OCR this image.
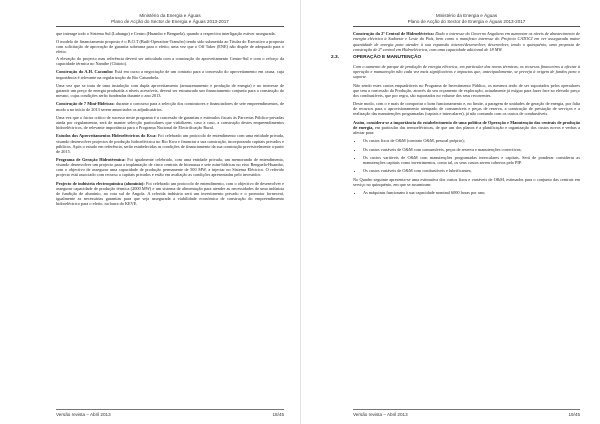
Ministério da Energia e Águas
Plano de Acção do Sector de Energia e Águas 2013-2017

que interage todo o Sistema Sul (Lubango) e Centro (Huambo e Benguela), quando a respectiva interligação estiver assegurada.

O modelo de financiamento proposto é o B.O.T (Built-Operation-Transfer) tendo sido submetida ao Titular do Executivo a proposta com solicitação de aprovação de garantia soberana para o efeito, uma vez que o Off Taker (ENE) não dispõe de adequado para o efeito.

A elevação do projecto mas referência deverá ser articulada com a construção do aproveitamento Centro-Sul e com o reforço da capacidade térmica no Namibe (Chitoto).

Construção do A.H. Cacombo: Está em curso a negociação de um contrato para a concessão do aproveitamento em causa, cuja importância é relevante na regularização do Rio Catumbela.

Uma vez que se trata de uma instalação com dupla aproveitamento (armazenamento e produção de energia) e no interesse de garantir um preço de energia produzida a níveis acessíveis, deverá ser estruturado um financiamento conjunto para a construção do mesmo, cujas condições serão fundeadas durante o ano 2013.

Construção de 7 Mini-Hídricas: durante o concurso para a selecção dos construtores e financiadores de sete empreendimentos, de modo a no início de 2013 serem anunciados os adjudicatários.

Uma vez que o factor crítico de sucesso neste programa é a concessão de garantias e estímulos fiscais às Parcerias Público-privadas ainda por regulamentar, será de manter selecção particulares que viabilizem, caso a caso, a construção destes empreendimentos hidroeléctricos, de relevante importância para o Programa Nacional de Electrificação Rural.

Estudos dos Aproveitamentos Hidroeléctricos do Kwa: Foi celebrado um protocolo de entendimento com uma entidade privada, visando desenvolver projectos de produção hidroeléctrica no Rio Kwa e financiar a sua construção, incorporando capitais privados e públicos. Após o estudo em referência, serão estabelecidas as condições de financiamento da sua construção previsivelmente a partir de 2015.

Programa de Geração Hidrotérmica: Foi igualmente celebrado, com uma entidade privada, um memorando de entendimento, visando desenvolver um projecto para a implantação de cinco centrais de biomassa e sete mini-hídricas no eixo Benguela-Huambo, com o objectivo de assegurar uma capacidade de produção permanente de 500 MW, a injectar no Sistema Eléctrico. O referido projecto está associado com recurso a capitais privados e estão em avaliação as condições apresentadas pelo investidor.

Projecto de indústria electroquímica (alumínio): Foi celebrado um protocolo de entendimento, com o objectivo de desenvolver e assegurar capacidade de produção térmica (2000 MW) e um sistema de alimentação para atender as necessidades de uma indústria de fundição de alumínio, na cota sul de Angola. A referida indústria será um investimento privado e o promotor fornecerá, igualmente as necessárias garantias para que seja assegurada a viabilidade económica de construção do empreendimento hidroeléctrico para o efeito, na barra do KEVE.

Versão revista – Abril 2013	18/45
Ministério da Energia e Águas
Plano de Acção do Sector de Energia e Águas 2013-2017

Construção da 2ª Central de Hidroeléctrica: Dado o interesse do Governo Angolano em aumentar os níveis de abastecimento de energia eléctrica à Sudoeste e Leste do País, bem como o manifesto interesse do Projecto CATOCI em ver assegurada maior quantidade de energia para atender à sua expansão interno/desenvolver, desenvolver, tendo o quinquénio, uma proposta de construção de 2ª central em Hidroeléctrica, com uma capacidade adicional de 18 MW.

2.3.	OPERAÇÃO E MANUTENÇÃO

Com o aumento de parque de produção de energia eléctrica, em particular das novas térmicas, os recursos financeiros a afectar à operação e manutenção não cada vez mais significativos e impactos que, antecipadamente, se preveja à origem de fundos para o suporte.

Não sendo estes custos enquadráveis no Programa de Investimento Público, os mesmos terão de ser suportados pelos operadores que tem a concessão da Produção, através do seu orçamento de exploração, actualmente já exíguo para fazer face ao elevado preço dos combustíveis, que por regra, são suportados no volume dos seus recorrentes.

Deste modo, com o e mais de comportar o bom funcionamento e, no limite, a paragem de unidades de geração de energia, por falta de recursos para o aprovisionamento atempado de consumíveis e peças de reserva, a construção de prestação de serviços e a realização das manutenções programadas (captais e intercalares), já não contando com os custos de combustíveis.

Assim, considera-se a importância do estabelecimento de uma política de Operação e Manutenção das centrais de produção de energia, em particular das termoeléctricas, de que um dos planos é a planificação e organização dos custos novos e verbas a afectar para:

• Os custos fixos de O&M (contrato O&M, pessoal próprio);
• Os custos variáveis de O&M com consumíveis, peças de reserva e manutenções correctivas;
• Os custos variáveis de O&M com manutenções programadas intercalares e capitais. Será de ponderar considerar as manutenções capitais como investimentos, como tal, os seus custos serem cobertos pelo PIP.
• Os custos variáveis de O&M com combustíveis e lubrificantes;

No Quadro seguinte apresenta-se uma estimativa dos custos fixos e variáveis de O&M, estimados para o conjunto das centrais em serviço no quinquénio, em que se assumiram:

• As máquinas funcionam à sua capacidade nominal 6000 horas por ano;
Versão revista – Abril 2013	19/45
